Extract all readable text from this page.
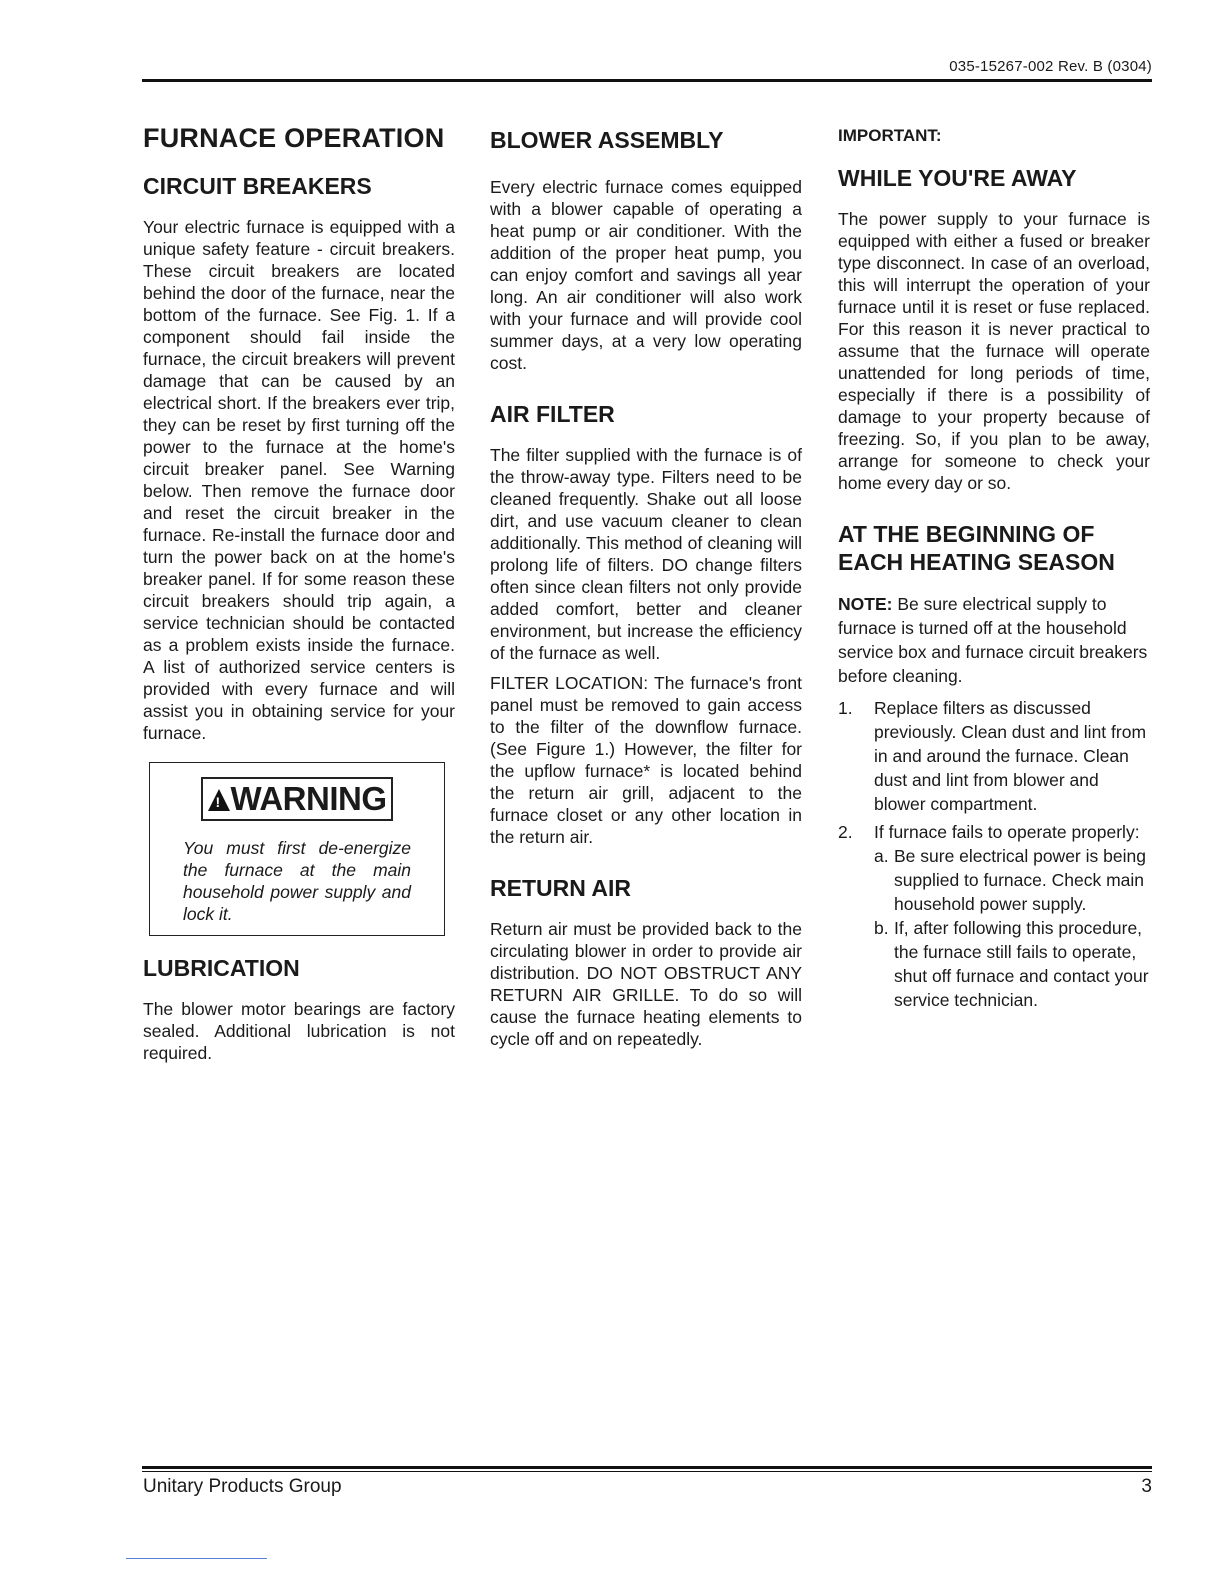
035-15267-002 Rev. B (0304)
FURNACE OPERATION
CIRCUIT BREAKERS

Your electric furnace is equipped with a unique safety feature - circuit breakers. These circuit breakers are located behind the door of the furnace, near the bottom of the furnace. See Fig. 1. If a component should fail inside the furnace, the circuit breakers will prevent damage that can be caused by an electrical short. If the breakers ever trip, they can be reset by first turning off the power to the furnace at the home's circuit breaker panel. See Warning below. Then remove the furnace door and reset the circuit breaker in the furnace. Re-install the furnace door and turn the power back on at the home's breaker panel. If for some reason these circuit breakers should trip again, a service technician should be contacted as a problem exists inside the furnace. A list of authorized service centers is provided with every furnace and will assist you in obtaining service for your furnace.

!WARNING
You must first de-energize the furnace at the main household power supply and lock it.
LUBRICATION

The blower motor bearings are factory sealed. Additional lubrication is not required.

BLOWER ASSEMBLY

Every electric furnace comes equipped with a blower capable of operating a heat pump or air conditioner. With the addition of the proper heat pump, you can enjoy comfort and savings all year long. An air conditioner will also work with your furnace and will provide cool summer days, at a very low operating cost.

AIR FILTER

The filter supplied with the furnace is of the throw-away type. Filters need to be cleaned frequently. Shake out all loose dirt, and use vacuum cleaner to clean additionally. This method of cleaning will prolong life of filters. DO change filters often since clean filters not only provide added comfort, better and cleaner environment, but increase the efficiency of the furnace as well.

FILTER LOCATION: The furnace's front panel must be removed to gain access to the filter of the downflow furnace. (See Figure 1.) However, the filter for the upflow furnace* is located behind the return air grill, adjacent to the furnace closet or any other location in the return air.

RETURN AIR

Return air must be provided back to the circulating blower in order to provide air distribution. DO NOT OBSTRUCT ANY RETURN AIR GRILLE. To do so will cause the furnace heating elements to cycle off and on repeatedly.

IMPORTANT:
WHILE YOU'RE AWAY

The power supply to your furnace is equipped with either a fused or breaker type disconnect. In case of an overload, this will interrupt the operation of your furnace until it is reset or fuse replaced. For this reason it is never practical to assume that the furnace will operate unattended for long periods of time, especially if there is a possibility of damage to your property because of freezing. So, if you plan to be away, arrange for someone to check your home every day or so.

AT THE BEGINNING OF EACH HEATING SEASON

NOTE: Be sure electrical supply to furnace is turned off at the household service box and furnace circuit breakers before cleaning.

1.	Replace filters as discussed previously. Clean dust and lint from in and around the furnace. Clean dust and lint from blower and blower compartment.
2.	If furnace fails to operate properly:
a. Be sure electrical power is being supplied to furnace. Check main household power supply.
b. If, after following this procedure, the furnace still fails to operate, shut off furnace and contact your service technician.
Unitary Products Group	3
